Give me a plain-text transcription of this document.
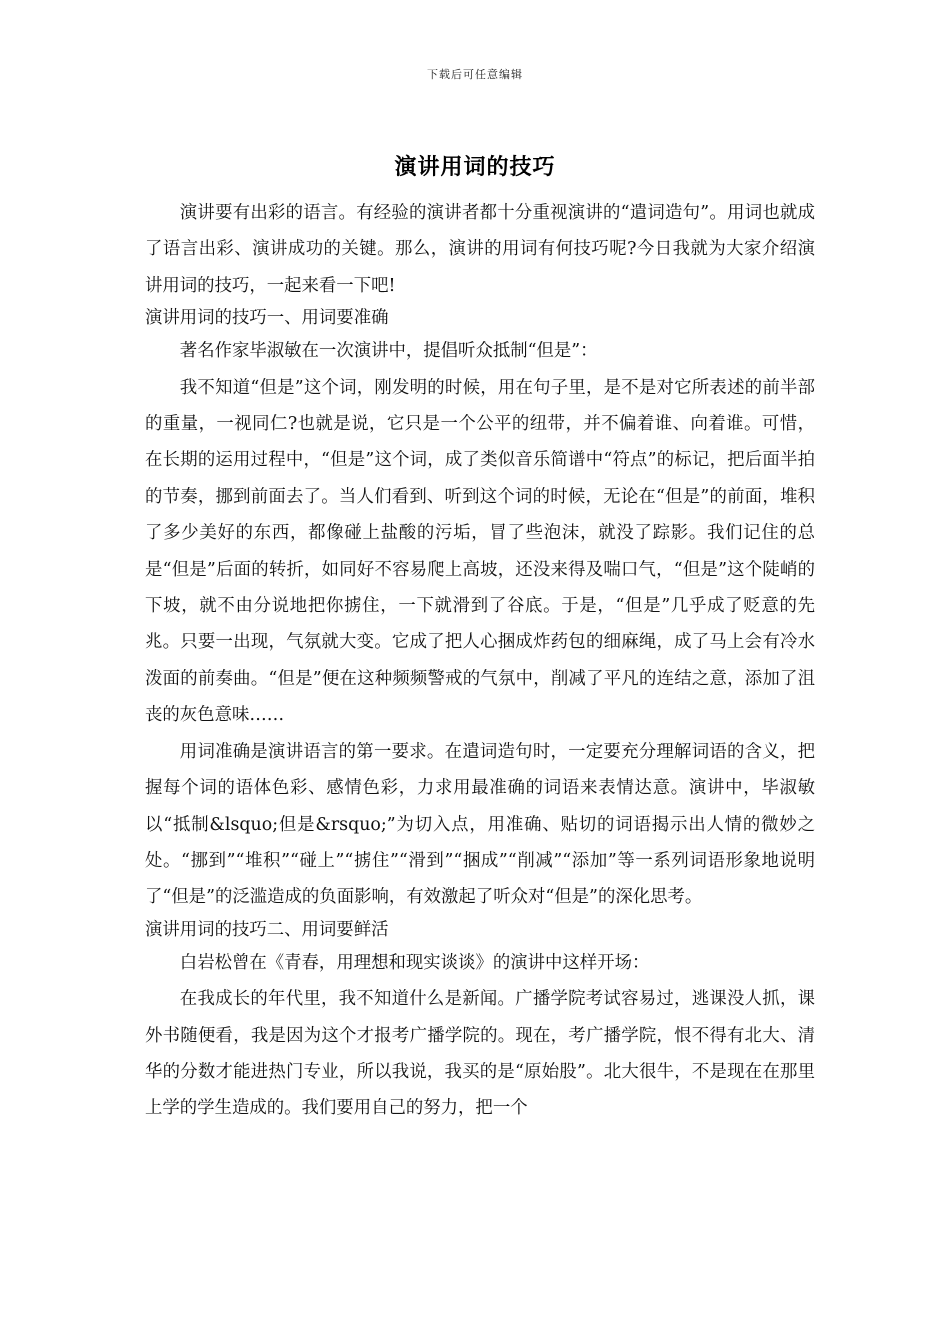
下载后可任意编辑
演讲用词的技巧

演讲要有出彩的语言。有经验的演讲者都十分重视演讲的“遣词造句”。用词也就成了语言出彩、演讲成功的关键。那么，演讲的用词有何技巧呢?今日我就为大家介绍演讲用词的技巧，一起来看一下吧!

演讲用词的技巧一、用词要准确

著名作家毕淑敏在一次演讲中，提倡听众抵制“但是”：

我不知道“但是”这个词，刚发明的时候，用在句子里，是不是对它所表述的前半部的重量，一视同仁?也就是说，它只是一个公平的纽带，并不偏着谁、向着谁。可惜，在长期的运用过程中，“但是”这个词，成了类似音乐简谱中“符点”的标记，把后面半拍的节奏，挪到前面去了。当人们看到、听到这个词的时候，无论在“但是”的前面，堆积了多少美好的东西，都像碰上盐酸的污垢，冒了些泡沫，就没了踪影。我们记住的总是“但是”后面的转折，如同好不容易爬上高坡，还没来得及喘口气，“但是”这个陡峭的下坡，就不由分说地把你掳住，一下就滑到了谷底。于是，“但是”几乎成了贬意的先兆。只要一出现，气氛就大变。它成了把人心捆成炸药包的细麻绳，成了马上会有冷水泼面的前奏曲。“但是”便在这种频频警戒的气氛中，削减了平凡的连结之意，添加了沮丧的灰色意味……

用词准确是演讲语言的第一要求。在遣词造句时，一定要充分理解词语的含义，把握每个词的语体色彩、感情色彩，力求用最准确的词语来表情达意。演讲中，毕淑敏以“抵制&lsquo;但是&rsquo;”为切入点，用准确、贴切的词语揭示出人情的微妙之处。“挪到”“堆积”“碰上”“掳住”“滑到”“捆成”“削减”“添加”等一系列词语形象地说明了“但是”的泛滥造成的负面影响，有效激起了听众对“但是”的深化思考。

演讲用词的技巧二、用词要鲜活

白岩松曾在《青春，用理想和现实谈谈》的演讲中这样开场：

在我成长的年代里，我不知道什么是新闻。广播学院考试容易过，逃课没人抓，课外书随便看，我是因为这个才报考广播学院的。现在，考广播学院，恨不得有北大、清华的分数才能进热门专业，所以我说，我买的是“原始股”。北大很牛，不是现在在那里上学的学生造成的。我们要用自己的努力，把一个
